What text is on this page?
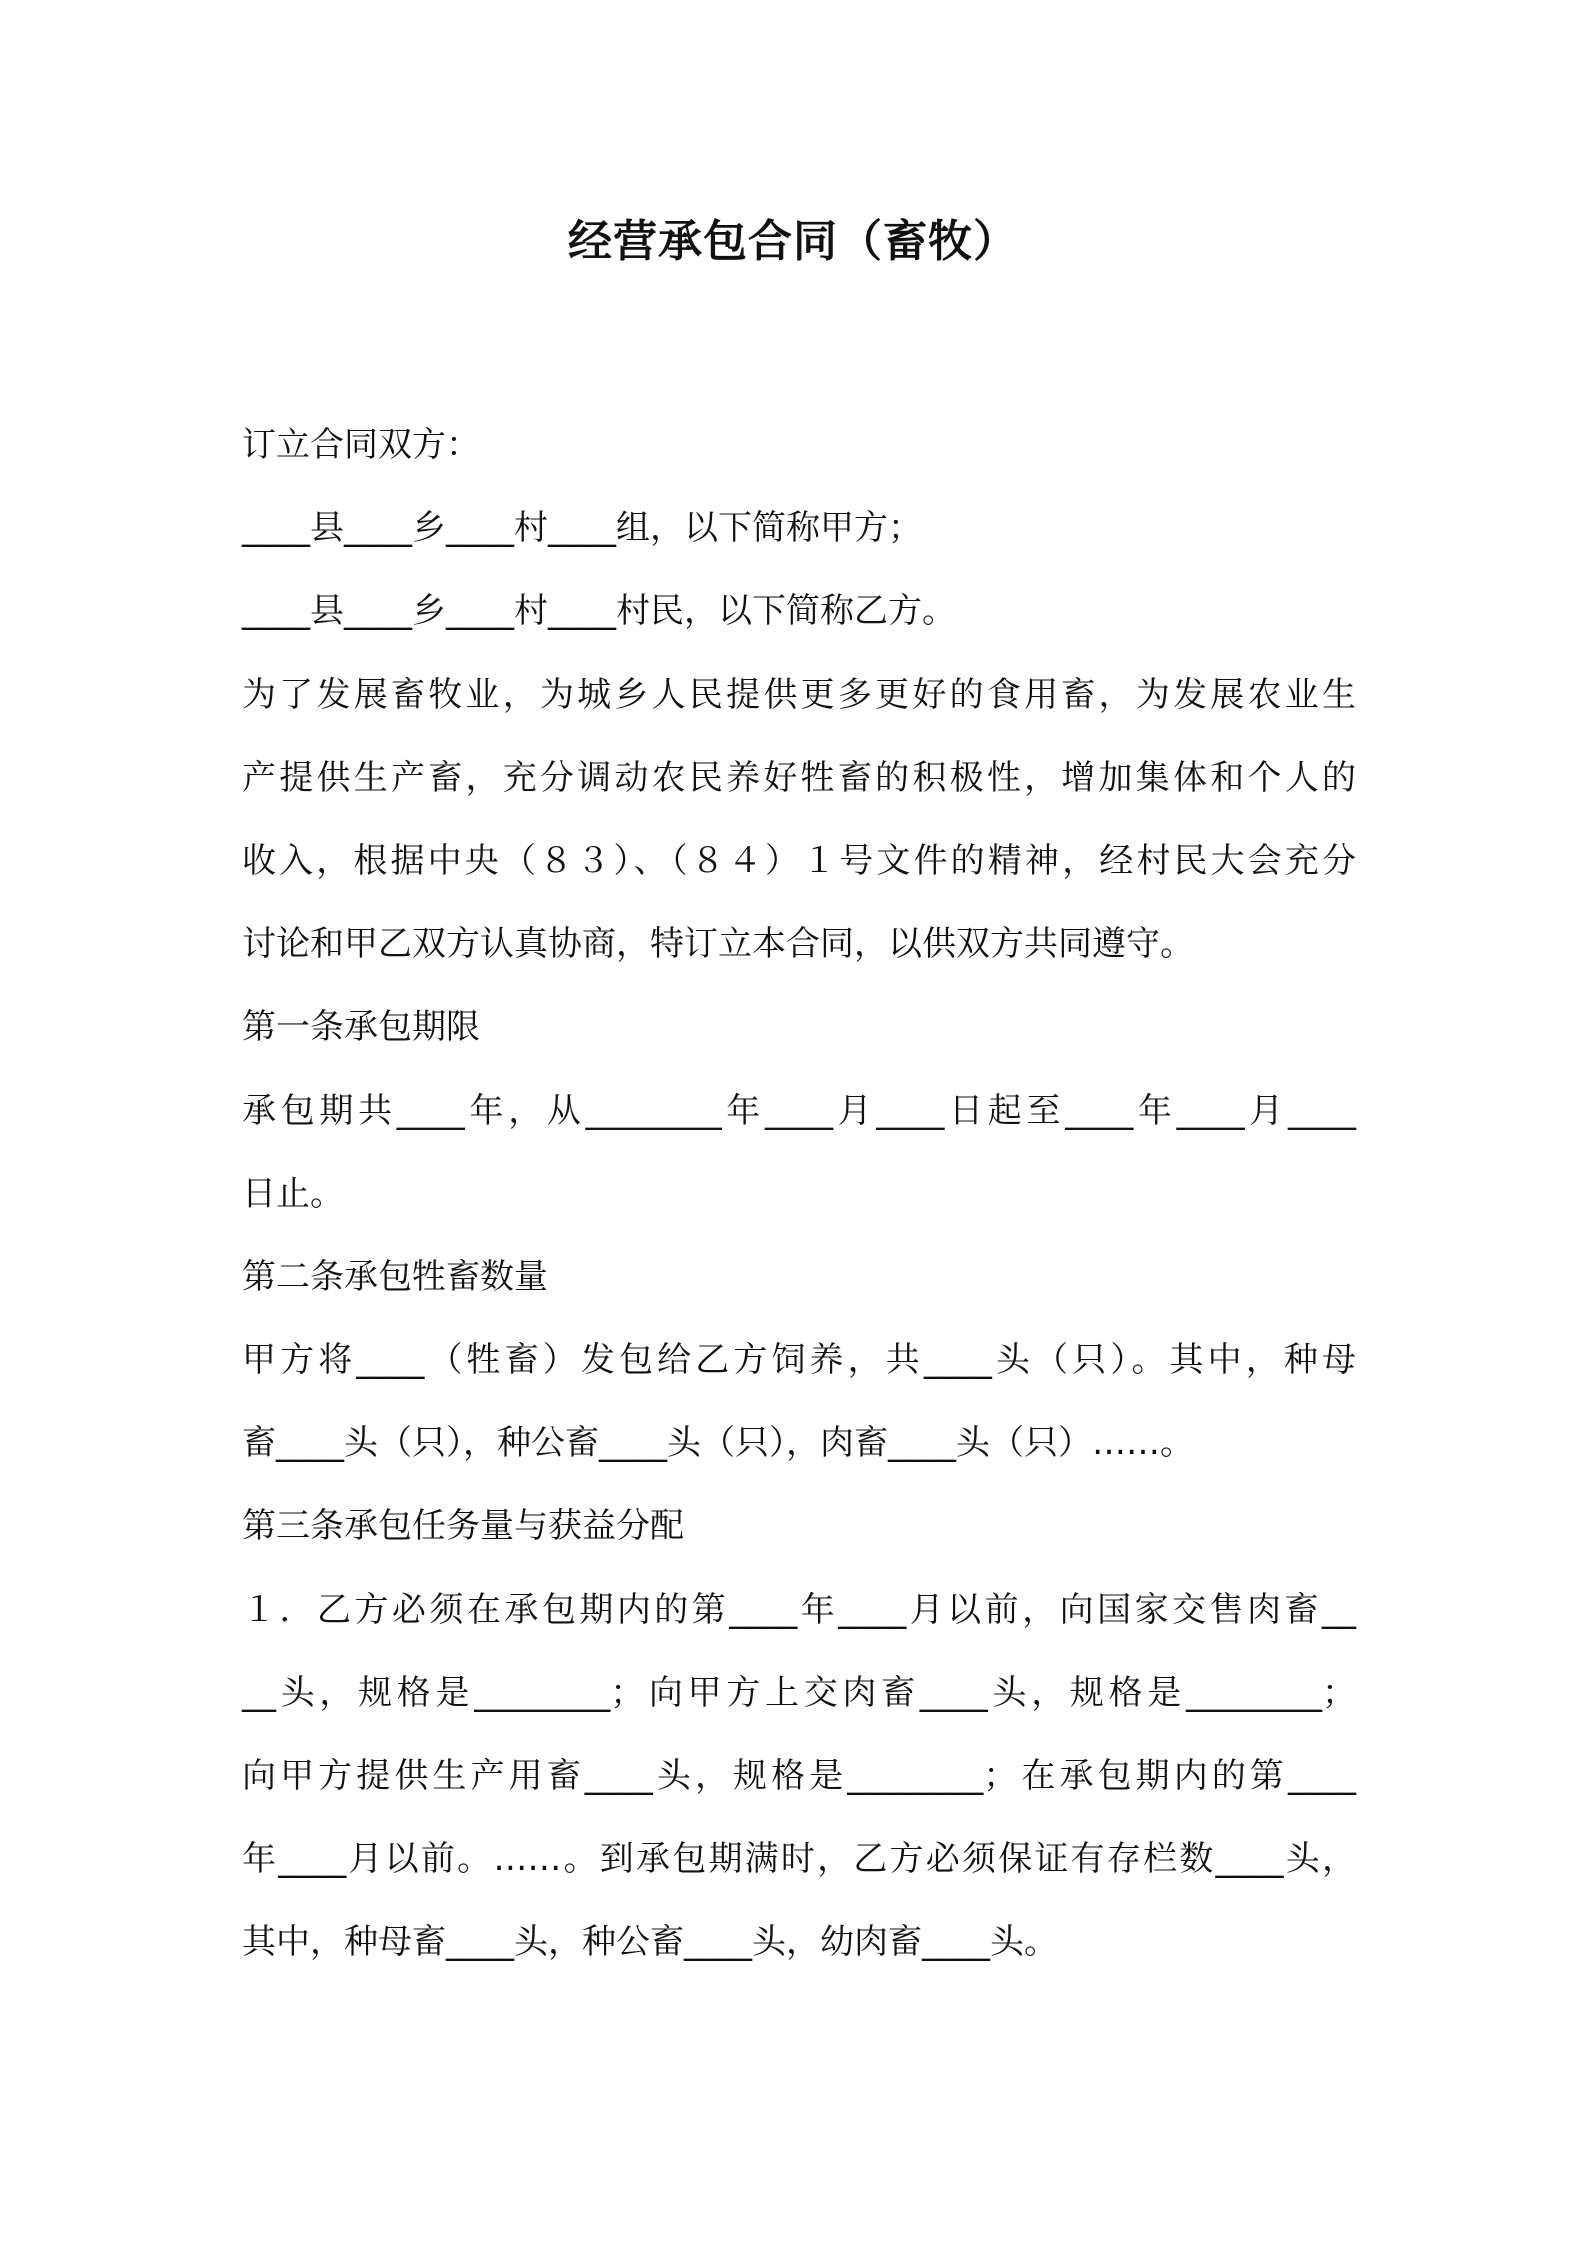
经营承包合同（畜牧）

订立合同双方：

____县____乡____村____组，以下简称甲方；

____县____乡____村____村民，以下简称乙方。

为了发展畜牧业，为城乡人民提供更多更好的食用畜，为发展农业生

产提供生产畜，充分调动农民养好牲畜的积极性，增加集体和个人的

收入，根据中央（８３）、（８４）１号文件的精神，经村民大会充分

讨论和甲乙双方认真协商，特订立本合同，以供双方共同遵守。

第一条承包期限

承包期共____年，从________年____月____日起至____年____月____

日止。

第二条承包牲畜数量

甲方将____（牲畜）发包给乙方饲养，共____头（只）。其中，种母

畜____头（只），种公畜____头（只），肉畜____头（只）……。

第三条承包任务量与获益分配

１．乙方必须在承包期内的第____年____月以前，向国家交售肉畜__

__头，规格是________；向甲方上交肉畜____头，规格是________；

向甲方提供生产用畜____头，规格是________；在承包期内的第____

年____月以前。……。到承包期满时，乙方必须保证有存栏数____头，

其中，种母畜____头，种公畜____头，幼肉畜____头。
